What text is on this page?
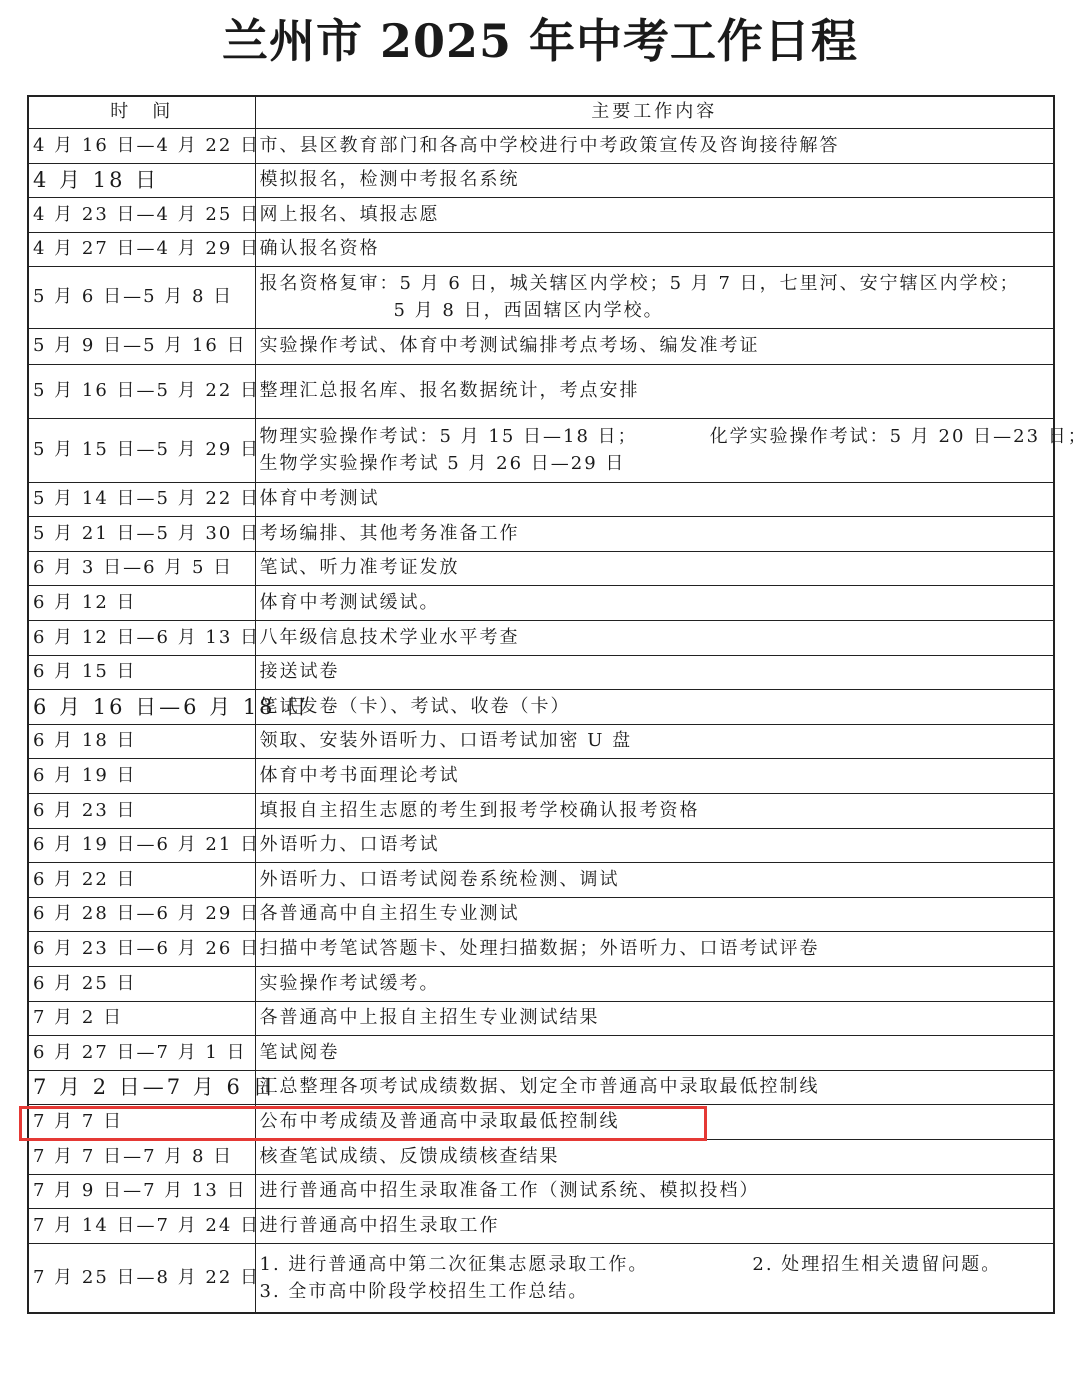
兰州市 2025 年中考工作日程
时　间	主要工作内容
4 月 16 日—4 月 22 日	市、县区教育部门和各高中学校进行中考政策宣传及咨询接待解答
4 月 18 日	模拟报名，检测中考报名系统
4 月 23 日—4 月 25 日	网上报名、填报志愿
4 月 27 日—4 月 29 日	确认报名资格
5 月 6 日—5 月 8 日	报名资格复审：5 月 6 日，城关辖区内学校；5 月 7 日，七里河、安宁辖区内学校；
5 月 8 日，西固辖区内学校。

5 月 9 日—5 月 16 日	实验操作考试、体育中考测试编排考点考场、编发准考证
5 月 16 日—5 月 22 日	整理汇总报名库、报名数据统计，考点安排
5 月 15 日—5 月 29 日	物理实验操作考试：5 月 15 日—18 日； 化学实验操作考试：5 月 20 日—23 日；
生物学实验操作考试 5 月 26 日—29 日

5 月 14 日—5 月 22 日	体育中考测试
5 月 21 日—5 月 30 日	考场编排、其他考务准备工作
6 月 3 日—6 月 5 日	笔试、听力准考证发放
6 月 12 日	体育中考测试缓试。
6 月 12 日—6 月 13 日	八年级信息技术学业水平考查
6 月 15 日	接送试卷
6 月 16 日—6 月 18 日	笔试发卷（卡）、考试、收卷（卡）
6 月 18 日	领取、安装外语听力、口语考试加密 U 盘
6 月 19 日	体育中考书面理论考试
6 月 23 日	填报自主招生志愿的考生到报考学校确认报考资格
6 月 19 日—6 月 21 日	外语听力、口语考试
6 月 22 日	外语听力、口语考试阅卷系统检测、调试
6 月 28 日—6 月 29 日	各普通高中自主招生专业测试
6 月 23 日—6 月 26 日	扫描中考笔试答题卡、处理扫描数据；外语听力、口语考试评卷
6 月 25 日	实验操作考试缓考。
7 月 2 日	各普通高中上报自主招生专业测试结果
6 月 27 日—7 月 1 日	笔试阅卷
7 月 2 日—7 月 6 日	汇总整理各项考试成绩数据、划定全市普通高中录取最低控制线
7 月 7 日	公布中考成绩及普通高中录取最低控制线
7 月 7 日—7 月 8 日	核查笔试成绩、反馈成绩核查结果
7 月 9 日—7 月 13 日	进行普通高中招生录取准备工作（测试系统、模拟投档）
7 月 14 日—7 月 24 日	进行普通高中招生录取工作
7 月 25 日—8 月 22 日	1. 进行普通高中第二次征集志愿录取工作。 2. 处理招生相关遗留问题。
3. 全市高中阶段学校招生工作总结。
